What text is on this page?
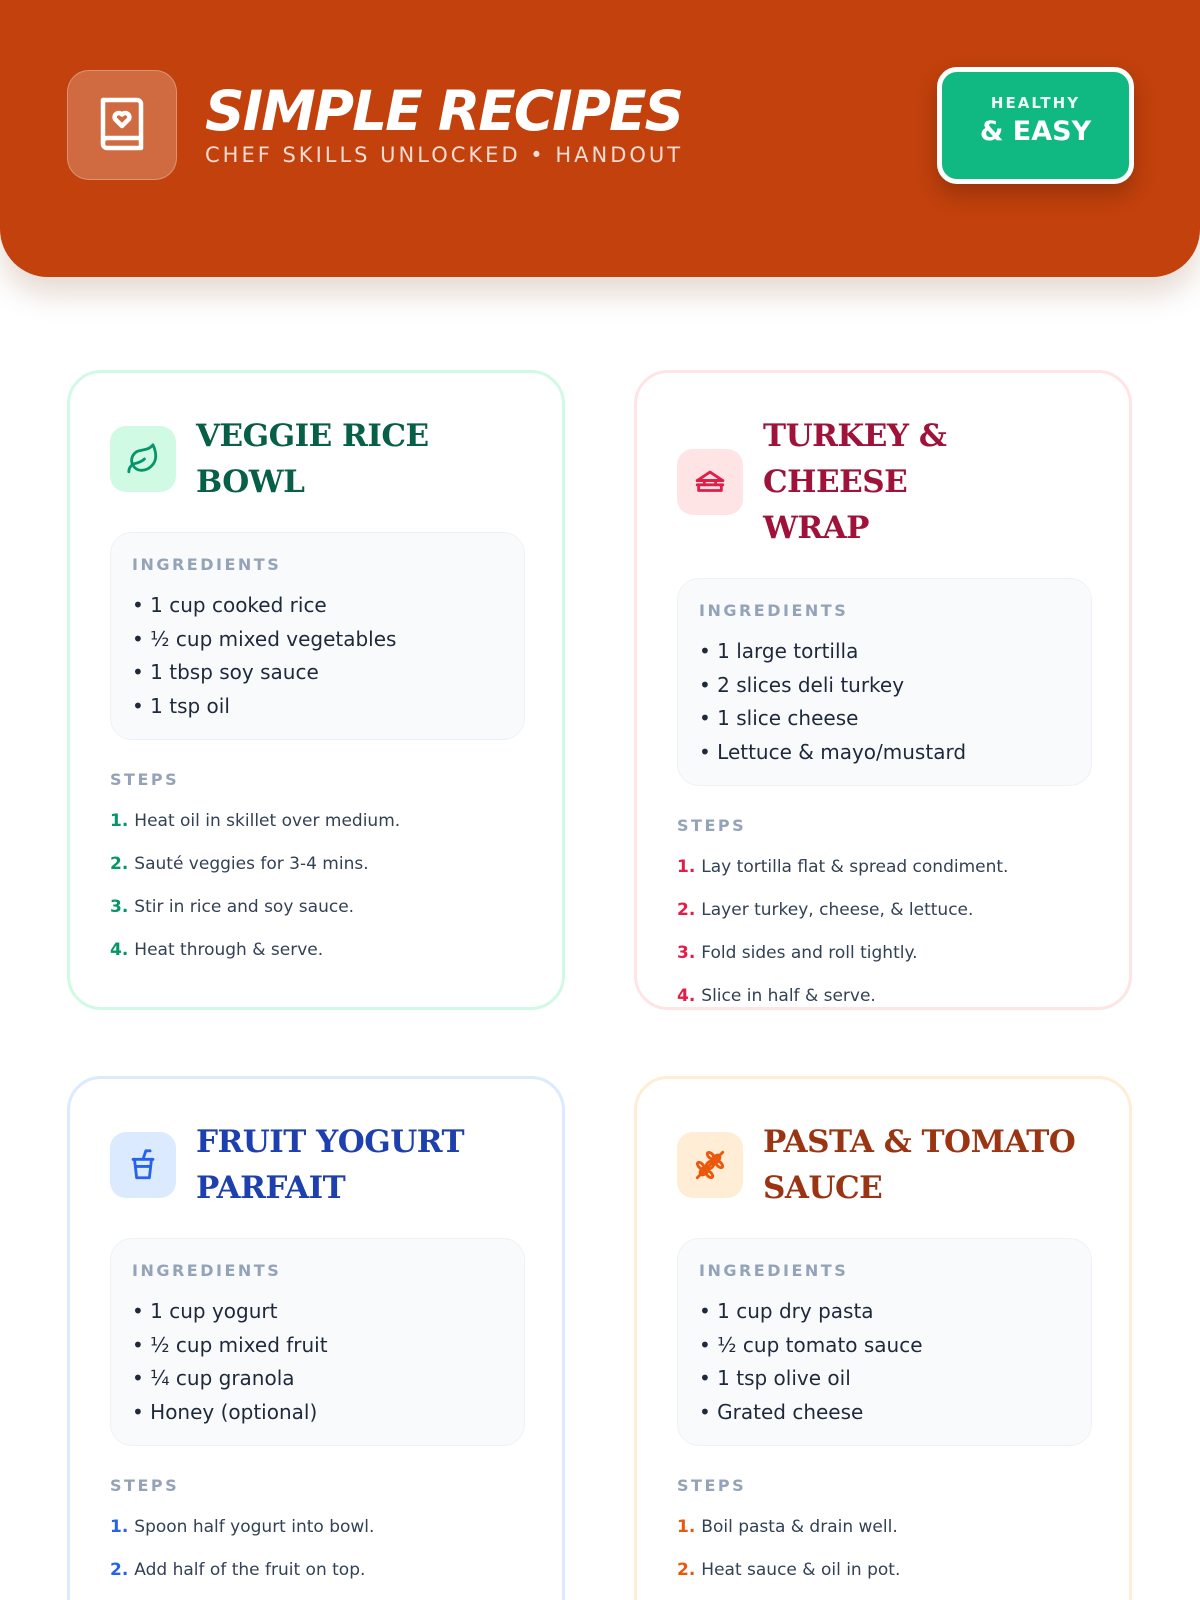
SIMPLE RECIPES
CHEF SKILLS UNLOCKED • HANDOUT
HEALTHY
& EASY
VEGGIE RICE BOWL
INGREDIENTS
• 1 cup cooked rice
• ½ cup mixed vegetables
• 1 tbsp soy sauce
• 1 tsp oil
STEPS
1. Heat oil in skillet over medium.
2. Sauté veggies for 3-4 mins.
3. Stir in rice and soy sauce.
4. Heat through & serve.
TURKEY & CHEESE
WRAP
INGREDIENTS
• 1 large tortilla
• 2 slices deli turkey
• 1 slice cheese
• Lettuce & mayo/mustard
STEPS
1. Lay tortilla flat & spread condiment.
2. Layer turkey, cheese, & lettuce.
3. Fold sides and roll tightly.
4. Slice in half & serve.
FRUIT YOGURT
PARFAIT
INGREDIENTS
• 1 cup yogurt
• ½ cup mixed fruit
• ¼ cup granola
• Honey (optional)
STEPS
1. Spoon half yogurt into bowl.
2. Add half of the fruit on top.
PASTA & TOMATO
SAUCE
INGREDIENTS
• 1 cup dry pasta
• ½ cup tomato sauce
• 1 tsp olive oil
• Grated cheese
STEPS
1. Boil pasta & drain well.
2. Heat sauce & oil in pot.
